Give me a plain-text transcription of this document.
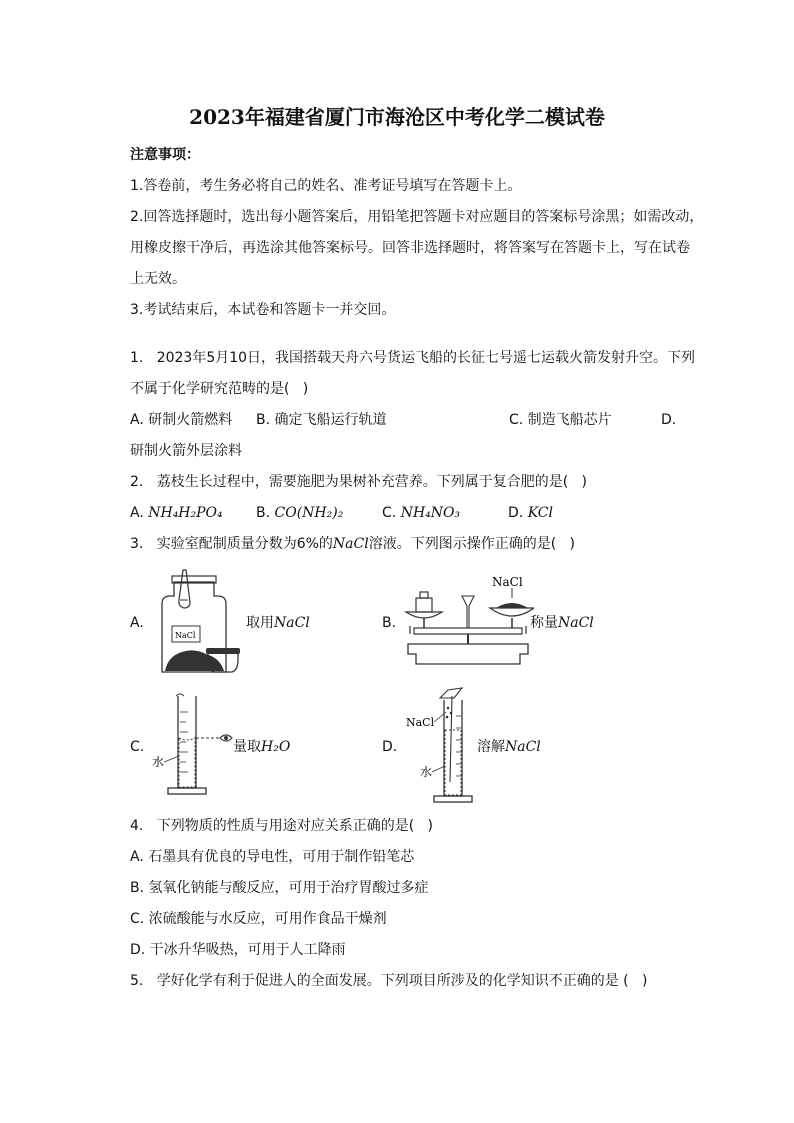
2023年福建省厦门市海沧区中考化学二模试卷
注意事项：
1.答卷前，考生务必将自己的姓名、准考证号填写在答题卡上。
2.回答选择题时，选出每小题答案后，用铅笔把答题卡对应题目的答案标号涂黑；如需改动，
用橡皮擦干净后，再选涂其他答案标号。回答非选择题时，将答案写在答题卡上，写在试卷
上无效。
3.考试结束后，本试卷和答题卡一并交回。
1.   2023年5月10日，我国搭载天舟六号货运飞船的长征七号遥七运载火箭发射升空。下列
不属于化学研究范畴的是(   )
A. 研制火箭燃料 B. 确定飞船运行轨道	C. 制造飞船芯片	D.
研制火箭外层涂料
2.   荔枝生长过程中，需要施肥为果树补充营养。下列属于复合肥的是(   )
A. NH₄H₂PO₄ B. CO(NH₂)₂	C. NH₄NO₃	D. KCl
3.   实验室配制质量分数为6%的NaCl溶液。下列图示操作正确的是(   )
A.
NaCl
取用NaCl	B.
NaCl
称量NaCl
C.
水
量取H₂O	D.
NaCl
水
溶解NaCl
4.   下列物质的性质与用途对应关系正确的是(   )
A. 石墨具有优良的导电性，可用于制作铅笔芯
B. 氢氧化钠能与酸反应，可用于治疗胃酸过多症
C. 浓硫酸能与水反应，可用作食品干燥剂
D. 干冰升华吸热，可用于人工降雨
5.   学好化学有利于促进人的全面发展。下列项目所涉及的化学知识不正确的是 (   )
